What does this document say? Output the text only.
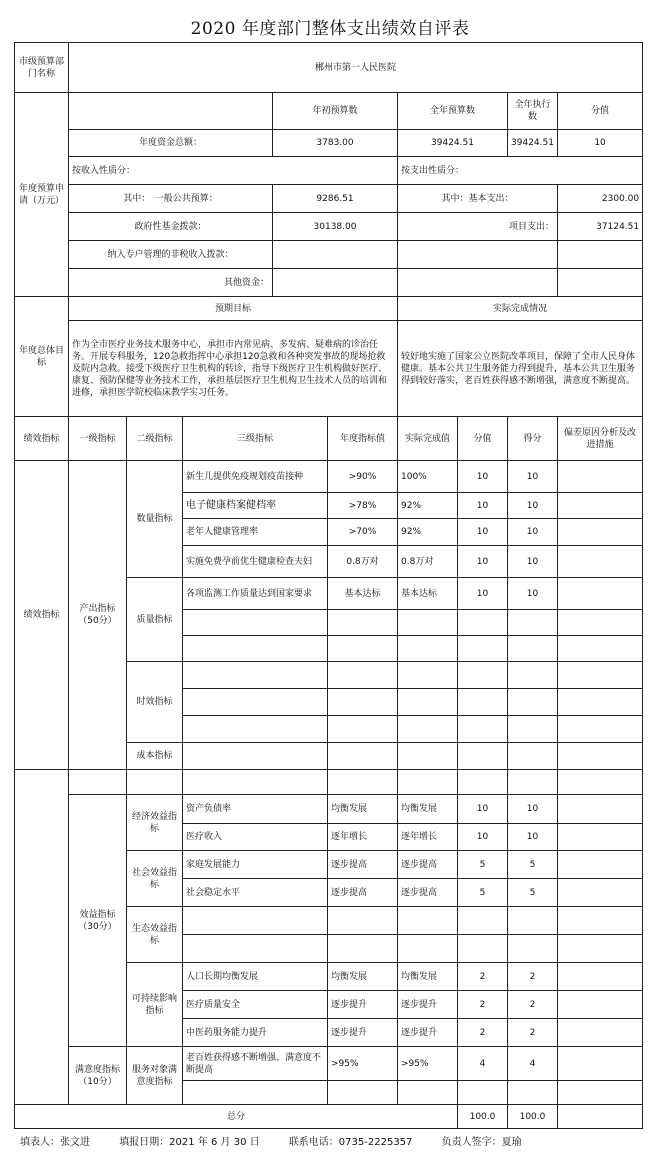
2020 年度部门整体支出绩效自评表
市级预算部门名称	郴州市第一人民医院								
年度预算申请（万元）				年初预算数		全年预算数		全年执行数	分值
	年度资金总额：			3783.00		39424.51		39424.51	10
	按收入性质分：					按支出性质分：			
	其中：　一般公共预算：			9286.51		其中：基本支出：			2300.00
	政府性基金拨款：			30138.00		项目支出：			37124.51
	纳入专户管理的非税收入拨款：								
	其他资金：								
年度总体目标	预期目标					实际完成情况			
	作为全市医疗业务技术服务中心，承担市内常见病、多发病、疑难病的诊治任务。开展专科服务，120急救指挥中心承担120急救和各种突发事故的现场抢救及院内急救。接受下级医疗卫生机构的转诊，指导下级医疗卫生机构做好医疗、康复、预防保健等业务技术工作，承担基层医疗卫生机构卫生技术人员的培训和进修，承担医学院校临床教学实习任务。					较好地实施了国家公立医院改革项目，保障了全市人民身体健康。基本公共卫生服务能力得到提升，基本公共卫生服务得到较好落实，老百姓获得感不断增强，满意度不断提高。			
绩效指标	一级指标	二级指标	三级指标		年度指标值	实际完成值	分值	得分	偏差原因分析及改进措施
绩效指标	产出指标（50分）	数量指标	新生儿提供免疫规划疫苗接种		>90%	100%	10	10	
			电子健康档案健档率		>78%	92%	10	10	
			老年人健康管理率		>70%	92%	10	10	
			实施免费孕前优生健康检查夫妇		0.8万对	0.8万对	10	10	
		质量指标	各项监测工作质量达到国家要求		基本达标	基本达标	10	10	

		时效指标							

		成本指标							

	效益指标（30分）	经济效益指标	资产负债率		均衡发展	均衡发展	10	10	
			医疗收入		逐年增长	逐年增长	10	10	
		社会效益指标	家庭发展能力		逐步提高	逐步提高	5	5	
			社会稳定水平		逐步提高	逐步提高	5	5	
		生态效益指标							

		可持续影响指标	人口长期均衡发展		均衡发展	均衡发展	2	2	
			医疗质量安全		逐步提升	逐步提升	2	2	
			中医药服务能力提升		逐步提升	逐步提升	2	2	
	满意度指标（10分）	服务对象满意度指标	老百姓获得感不断增强、满意度不断提高		>95%	>95%	4	4	

总分							100.0	100.0	
填表人：张文进	填报日期：2021 年 6 月 30 日	联系电话：0735-2225357	负责人签字：夏瑜
